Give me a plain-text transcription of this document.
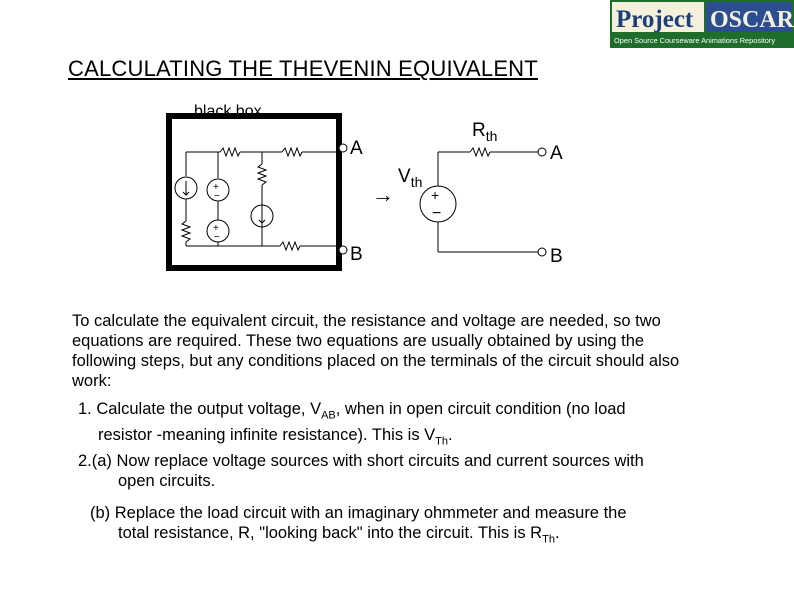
Project OSCAR
Open Source Courseware Animations Repository
CALCULATING THE THEVENIN EQUIVALENT
black box
+
−
+
−
A
B
→	+
−
$R_{th}$
$V_{th}$
A
B
To calculate the equivalent circuit, the resistance and voltage are needed, so two equations are required. These two equations are usually obtained by using the following steps, but any conditions placed on the terminals of the circuit should also work:
1. Calculate the output voltage, $V_{AB}$, when in open circuit condition (no load
resistor -meaning infinite resistance). This is $V_{Th}$.
2.(a) Now replace voltage sources with short circuits and current sources with
open circuits.
(b) Replace the load circuit with an imaginary ohmmeter and measure the
total resistance, R, "looking back" into the circuit. This is $R_{Th}$.
